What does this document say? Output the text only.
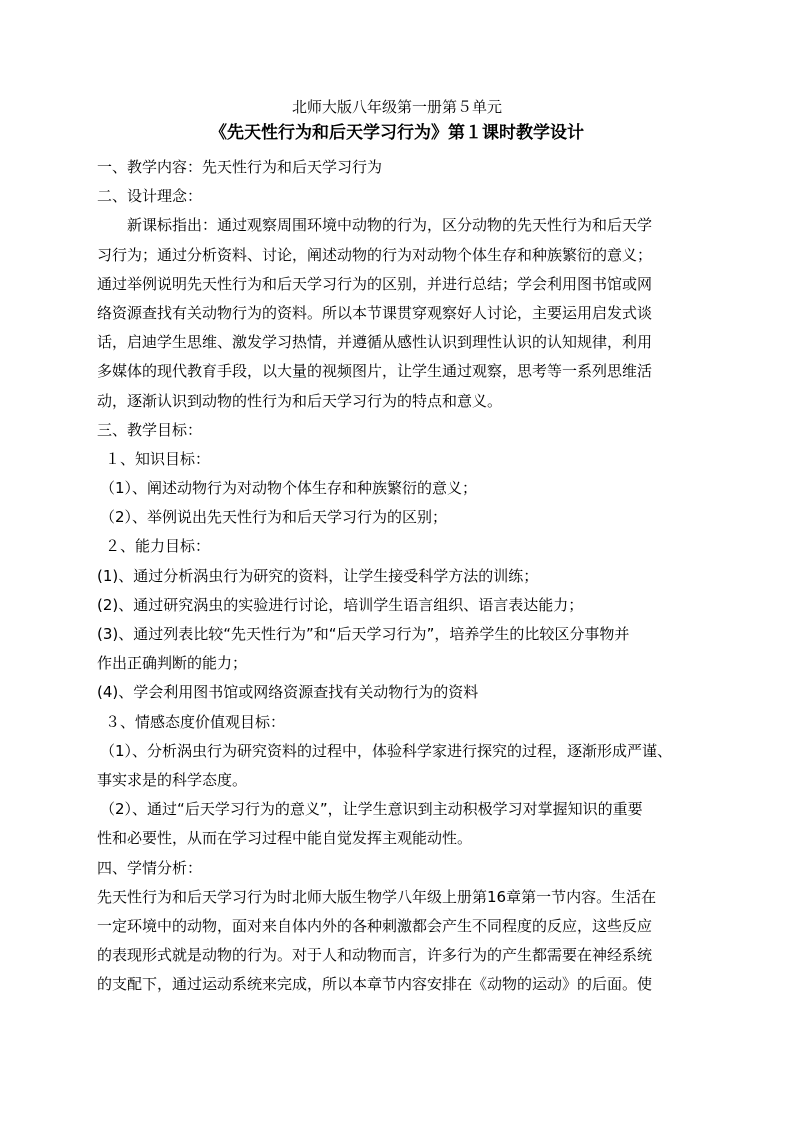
北师大版八年级第一册第５单元
《先天性行为和后天学习行为》第１课时教学设计
一、教学内容：先天性行为和后天学习行为
二、设计理念：
新课标指出：通过观察周围环境中动物的行为，区分动物的先天性行为和后天学
习行为；通过分析资料、讨论，阐述动物的行为对动物个体生存和种族繁衍的意义；
通过举例说明先天性行为和后天学习行为的区别，并进行总结；学会利用图书馆或网
络资源查找有关动物行为的资料。所以本节课贯穿观察好人讨论，主要运用启发式谈
话，启迪学生思维、激发学习热情，并遵循从感性认识到理性认识的认知规律，利用
多媒体的现代教育手段，以大量的视频图片，让学生通过观察，思考等一系列思维活
动，逐渐认识到动物的性行为和后天学习行为的特点和意义。
三、教学目标：
１、知识目标：
（1）、阐述动物行为对动物个体生存和种族繁衍的意义；
（2）、举例说出先天性行为和后天学习行为的区别；
２、能力目标：
(1)、通过分析涡虫行为研究的资料，让学生接受科学方法的训练；
(2)、通过研究涡虫的实验进行讨论，培训学生语言组织、语言表达能力；
(3)、通过列表比较“先天性行为”和“后天学习行为”，培养学生的比较区分事物并
作出正确判断的能力；
(4)、学会利用图书馆或网络资源查找有关动物行为的资料
３、情感态度价值观目标：
（1）、分析涡虫行为研究资料的过程中，体验科学家进行探究的过程，逐渐形成严谨、
事实求是的科学态度。
（2）、通过“后天学习行为的意义”，让学生意识到主动积极学习对掌握知识的重要
性和必要性，从而在学习过程中能自觉发挥主观能动性。
四、学情分析：
先天性行为和后天学习行为时北师大版生物学八年级上册第16章第一节内容。生活在
一定环境中的动物，面对来自体内外的各种刺激都会产生不同程度的反应，这些反应
的表现形式就是动物的行为。对于人和动物而言，许多行为的产生都需要在神经系统
的支配下，通过运动系统来完成，所以本章节内容安排在《动物的运动》的后面。使
